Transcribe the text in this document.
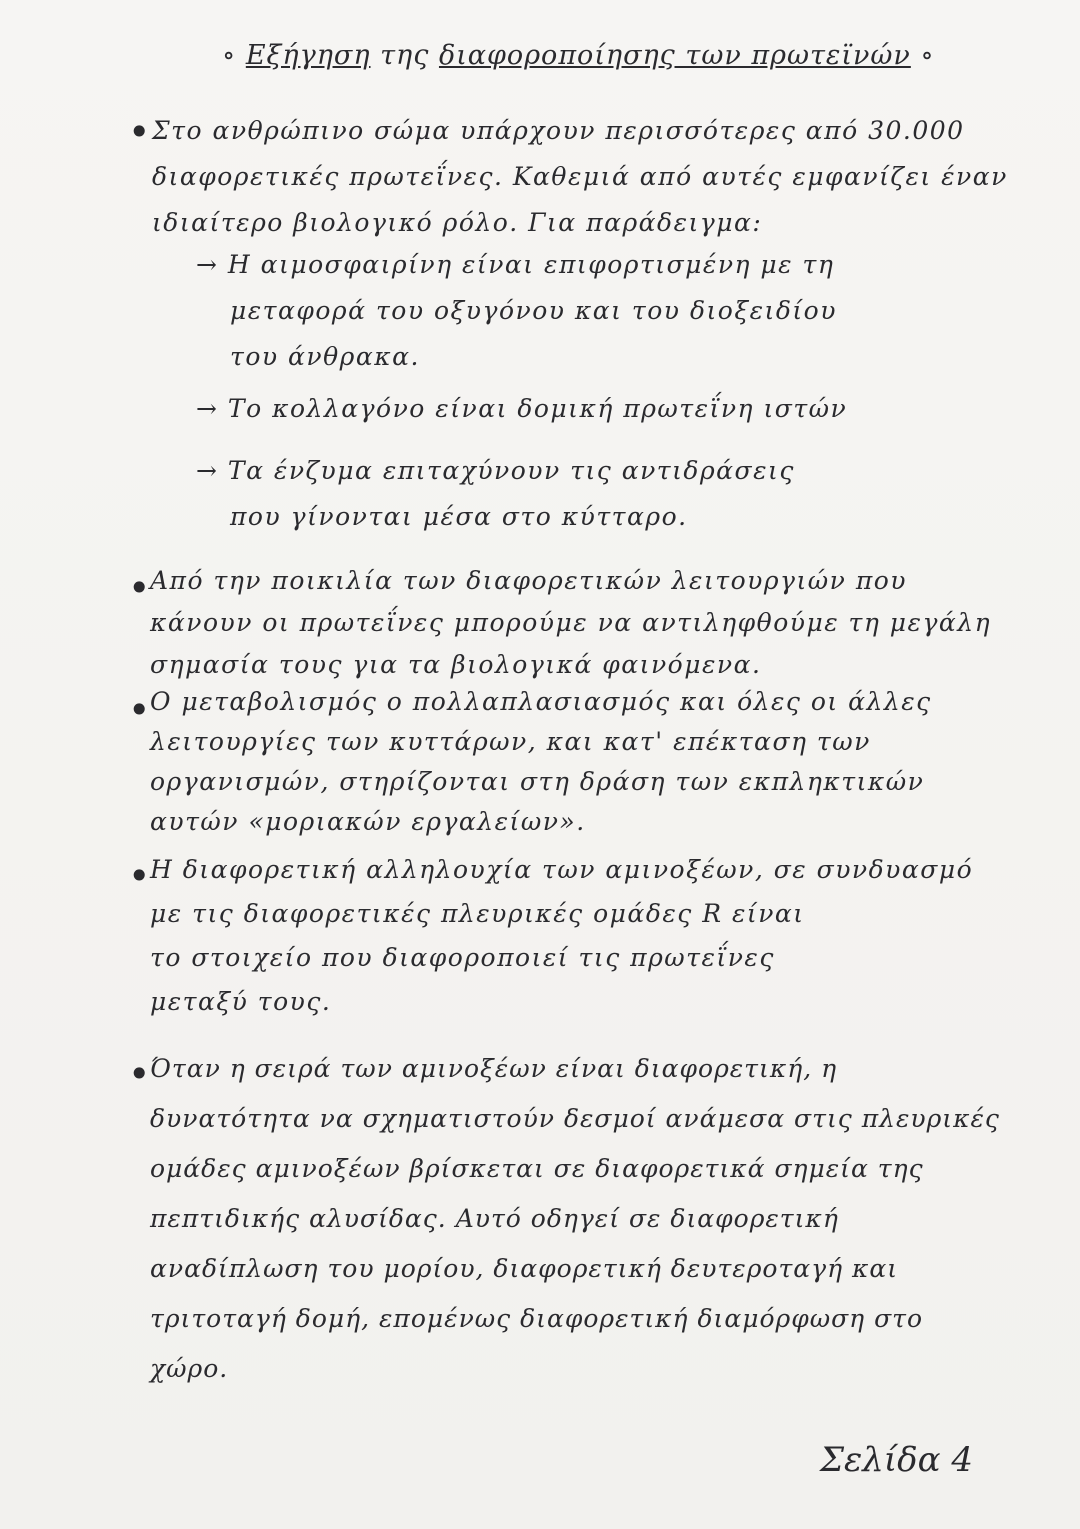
∘ Εξήγηση της διαφοροποίησης των πρωτεϊνών ∘
• Στο ανθρώπινο σώμα υπάρχουν περισσότερες από 30.000
διαφορετικές πρωτεΐνες. Καθεμιά από αυτές εμφανίζει έναν
ιδιαίτερο βιολογικό ρόλο. Για παράδειγμα:
→ Η αιμοσφαιρίνη είναι επιφορτισμένη με τη
μεταφορά του οξυγόνου και του διοξειδίου
του άνθρακα.
→ Το κολλαγόνο είναι δομική πρωτεΐνη ιστών
→ Τα ένζυμα επιταχύνουν τις αντιδράσεις
που γίνονται μέσα στο κύτταρο.
• Από την ποικιλία των διαφορετικών λειτουργιών που
κάνουν οι πρωτεΐνες μπορούμε να αντιληφθούμε τη μεγάλη
σημασία τους για τα βιολογικά φαινόμενα.
• Ο μεταβολισμός ο πολλαπλασιασμός και όλες οι άλλες
λειτουργίες των κυττάρων, και κατ' επέκταση των
οργανισμών, στηρίζονται στη δράση των εκπληκτικών
αυτών «μοριακών εργαλείων».
• Η διαφορετική αλληλουχία των αμινοξέων, σε συνδυασμό
με τις διαφορετικές πλευρικές ομάδες R είναι
το στοιχείο που διαφοροποιεί τις πρωτεΐνες
μεταξύ τους.
• Όταν η σειρά των αμινοξέων είναι διαφορετική, η
δυνατότητα να σχηματιστούν δεσμοί ανάμεσα στις πλευρικές
ομάδες αμινοξέων βρίσκεται σε διαφορετικά σημεία της
πεπτιδικής αλυσίδας. Αυτό οδηγεί σε διαφορετική
αναδίπλωση του μορίου, διαφορετική δευτεροταγή και
τριτοταγή δομή, επομένως διαφορετική διαμόρφωση στο
χώρο.
Σελίδα 4
